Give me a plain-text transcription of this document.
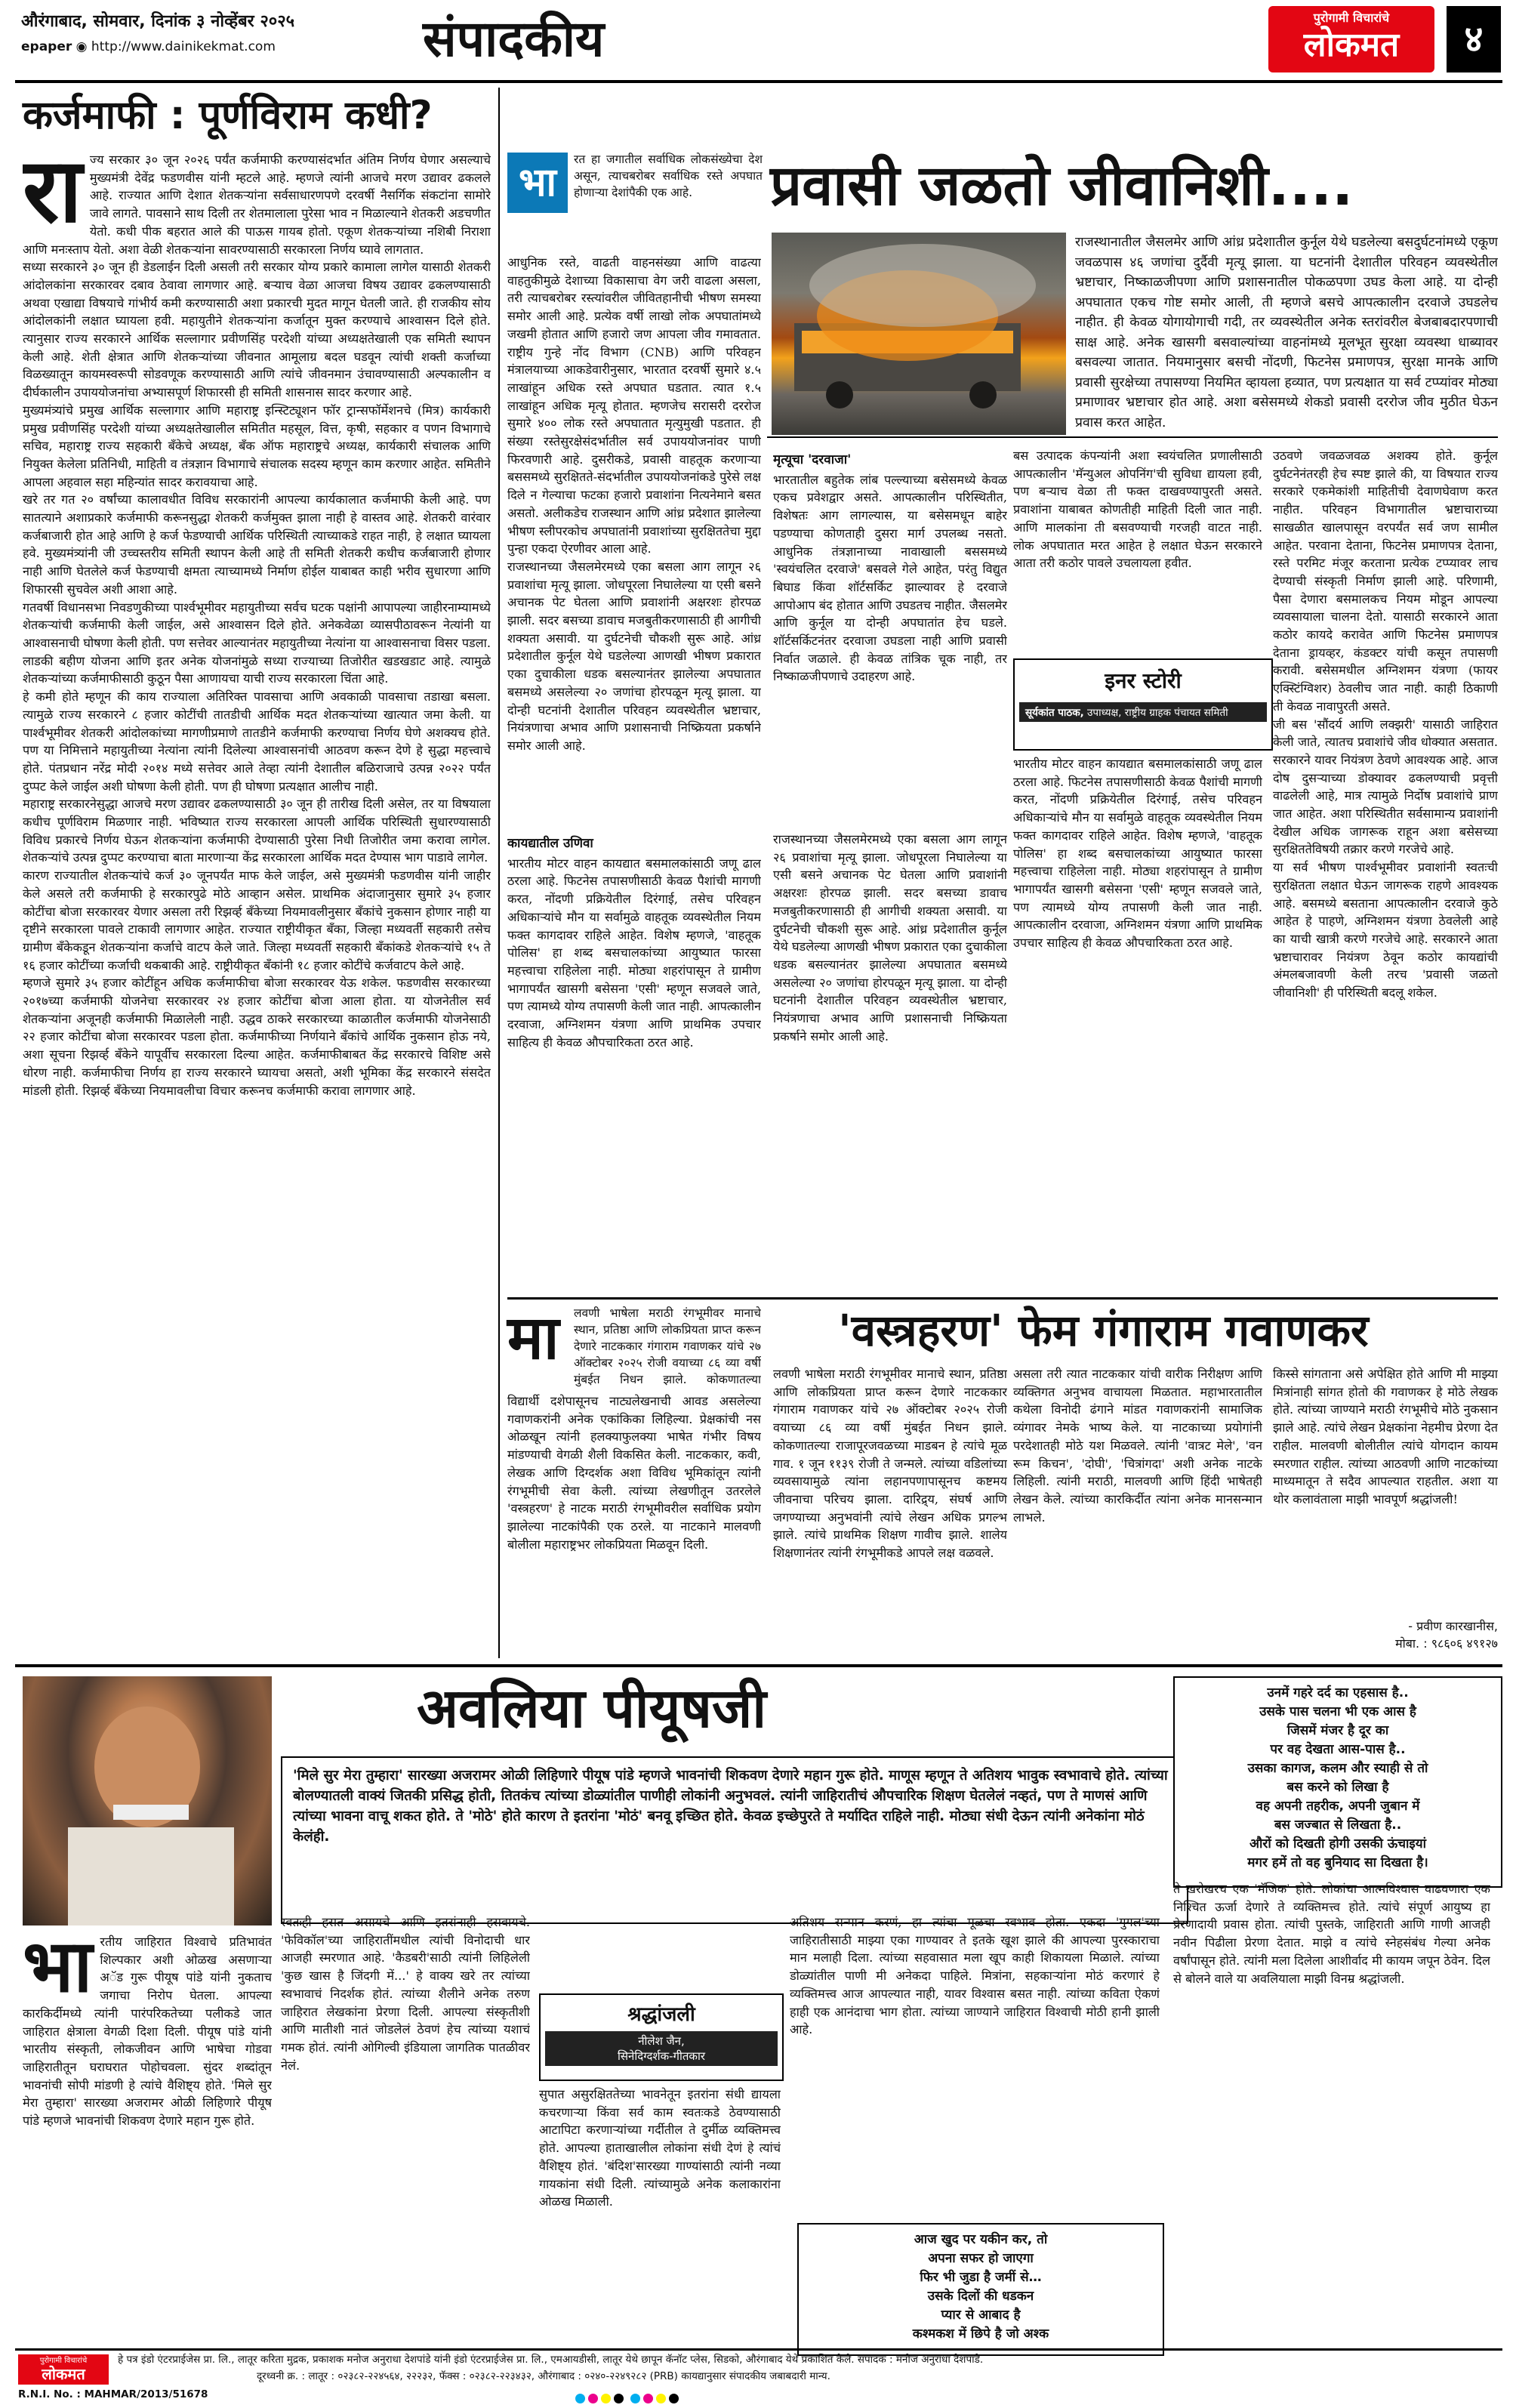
औरंगाबाद, सोमवार, दिनांक ३ नोव्हेंबर २०२५
epaper ◉ http://www.dainikekmat.com	संपादकीय	पुरोगामी विचारांचे
लोकमत	४
कर्जमाफी : पूर्णविराम कधी?
रा ज्य सरकार ३० जून २०२६ पर्यंत कर्जमाफी करण्यासंदर्भात अंतिम निर्णय घेणार असल्याचे मुख्यमंत्री देवेंद्र फडणवीस यांनी म्हटले आहे. म्हणजे त्यांनी आजचे मरण उद्यावर ढकलले आहे. राज्यात आणि देशात शेतकऱ्यांना सर्वसाधारणपणे दरवर्षी नैसर्गिक संकटांना सामोरे जावे लागते. पावसाने साथ दिली तर शेतमालाला पुरेसा भाव न मिळाल्याने शेतकरी अडचणीत येतो. कधी पीक बहरात आले की पाऊस गायब होतो. एकूण शेतकऱ्यांच्या नशिबी निराशा आणि मनःस्ताप येतो. अशा वेळी शेतकऱ्यांना सावरण्यासाठी सरकारला निर्णय घ्यावे लागतात.

सध्या सरकारने ३० जून ही डेडलाईन दिली असली तरी सरकार योग्य प्रकारे कामाला लागेल यासाठी शेतकरी आंदोलकांना सरकारवर दबाव ठेवावा लागणार आहे. बऱ्याच वेळा आजचा विषय उद्यावर ढकलण्यासाठी अथवा एखाद्या विषयाचे गांभीर्य कमी करण्यासाठी अशा प्रकारची मुदत मागून घेतली जाते. ही राजकीय सोय आंदोलकांनी लक्षात घ्यायला हवी. महायुतीने शेतकऱ्यांना कर्जातून मुक्त करण्याचे आश्वासन दिले होते. त्यानुसार राज्य सरकारने आर्थिक सल्लागार प्रवीणसिंह परदेशी यांच्या अध्यक्षतेखाली एक समिती स्थापन केली आहे. शेती क्षेत्रात आणि शेतकऱ्यांच्या जीवनात आमूलाग्र बदल घडवून त्यांची शक्ती कर्जाच्या विळख्यातून कायमस्वरूपी सोडवणूक करण्यासाठी आणि त्यांचे जीवनमान उंचावण्यासाठी अल्पकालीन व दीर्घकालीन उपाययोजनांचा अभ्यासपूर्ण शिफारसी ही समिती शासनास सादर करणार आहे.

मुख्यमंत्र्यांचे प्रमुख आर्थिक सल्लागार आणि महाराष्ट्र इन्स्टिट्यूशन फॉर ट्रान्सफॉर्मेशनचे (मित्र) कार्यकारी प्रमुख प्रवीणसिंह परदेशी यांच्या अध्यक्षतेखालील समितीत महसूल, वित्त, कृषी, सहकार व पणन विभागाचे सचिव, महाराष्ट्र राज्य सहकारी बँकेचे अध्यक्ष, बँक ऑफ महाराष्ट्रचे अध्यक्ष, कार्यकारी संचालक आणि नियुक्त केलेला प्रतिनिधी, माहिती व तंत्रज्ञान विभागाचे संचालक सदस्य म्हणून काम करणार आहेत. समितीने आपला अहवाल सहा महिन्यांत सादर करावयाचा आहे.

खरे तर गत २० वर्षांच्या कालावधीत विविध सरकारांनी आपल्या कार्यकालात कर्जमाफी केली आहे. पण सातत्याने अशाप्रकारे कर्जमाफी करूनसुद्धा शेतकरी कर्जमुक्त झाला नाही हे वास्तव आहे. शेतकरी वारंवार कर्जबाजारी होत आहे आणि हे कर्ज फेडण्याची आर्थिक परिस्थिती त्याच्याकडे राहत नाही, हे लक्षात घ्यायला हवे. मुख्यमंत्र्यांनी जी उच्चस्तरीय समिती स्थापन केली आहे ती समिती शेतकरी कधीच कर्जबाजारी होणार नाही आणि घेतलेले कर्ज फेडण्याची क्षमता त्याच्यामध्ये निर्माण होईल याबाबत काही भरीव सुधारणा आणि शिफारसी सुचवेल अशी आशा आहे.

गतवर्षी विधानसभा निवडणुकीच्या पार्श्वभूमीवर महायुतीच्या सर्वच घटक पक्षांनी आपापल्या जाहीरनाम्यामध्ये शेतकऱ्यांची कर्जमाफी केली जाईल, असे आश्वासन दिले होते. अनेकवेळा व्यासपीठावरून नेत्यांनी या आश्वासनाची घोषणा केली होती. पण सत्तेवर आल्यानंतर महायुतीच्या नेत्यांना या आश्वासनाचा विसर पडला. लाडकी बहीण योजना आणि इतर अनेक योजनांमुळे सध्या राज्याच्या तिजोरीत खडखडाट आहे. त्यामुळे शेतकऱ्यांच्या कर्जमाफीसाठी कुठून पैसा आणायचा याची राज्य सरकारला चिंता आहे.

हे कमी होते म्हणून की काय राज्याला अतिरिक्त पावसाचा आणि अवकाळी पावसाचा तडाखा बसला. त्यामुळे राज्य सरकारने ८ हजार कोटींची तातडीची आर्थिक मदत शेतकऱ्यांच्या खात्यात जमा केली. या पार्श्वभूमीवर शेतकरी आंदोलकांच्या मागणीप्रमाणे तातडीने कर्जमाफी करण्याचा निर्णय घेणे अशक्यच होते. पण या निमित्ताने महायुतीच्या नेत्यांना त्यांनी दिलेल्या आश्वासनांची आठवण करून देणे हे सुद्धा महत्त्वाचे होते. पंतप्रधान नरेंद्र मोदी २०१४ मध्ये सत्तेवर आले तेव्हा त्यांनी देशातील बळिराजाचे उत्पन्न २०२२ पर्यंत दुप्पट केले जाईल अशी घोषणा केली होती. पण ही घोषणा प्रत्यक्षात आलीच नाही.

महाराष्ट्र सरकारनेसुद्धा आजचे मरण उद्यावर ढकलण्यासाठी ३० जून ही तारीख दिली असेल, तर या विषयाला कधीच पूर्णविराम मिळणार नाही. भविष्यात राज्य सरकारला आपली आर्थिक परिस्थिती सुधारण्यासाठी विविध प्रकारचे निर्णय घेऊन शेतकऱ्यांना कर्जमाफी देण्यासाठी पुरेसा निधी तिजोरीत जमा करावा लागेल. शेतकऱ्यांचे उत्पन्न दुप्पट करण्याचा बाता मारणाऱ्या केंद्र सरकारला आर्थिक मदत देण्यास भाग पाडावे लागेल.

कारण राज्यातील शेतकऱ्यांचे कर्ज ३० जूनपर्यंत माफ केले जाईल, असे मुख्यमंत्री फडणवीस यांनी जाहीर केले असले तरी कर्जमाफी हे सरकारपुढे मोठे आव्हान असेल. प्राथमिक अंदाजानुसार सुमारे ३५ हजार कोटींचा बोजा सरकारवर येणार असला तरी रिझर्व्ह बँकेच्या नियमावलीनुसार बँकांचे नुकसान होणार नाही या दृष्टीने सरकारला पावले टाकावी लागणार आहेत. राज्यात राष्ट्रीयीकृत बँका, जिल्हा मध्यवर्ती सहकारी तसेच ग्रामीण बँकेकडून शेतकऱ्यांना कर्जाचे वाटप केले जाते. जिल्हा मध्यवर्ती सहकारी बँकांकडे शेतकऱ्यांचे १५ ते १६ हजार कोटींच्या कर्जाची थकबाकी आहे. राष्ट्रीयीकृत बँकांनी १८ हजार कोटींचे कर्जवाटप केले आहे.

म्हणजे सुमारे ३५ हजार कोटींहून अधिक कर्जमाफीचा बोजा सरकारवर येऊ शकेल. फडणवीस सरकारच्या २०१७च्या कर्जमाफी योजनेचा सरकारवर २४ हजार कोटींचा बोजा आला होता. या योजनेतील सर्व शेतकऱ्यांना अजूनही कर्जमाफी मिळालेली नाही. उद्धव ठाकरे सरकारच्या काळातील कर्जमाफी योजनेसाठी २२ हजार कोटींचा बोजा सरकारवर पडला होता. कर्जमाफीच्या निर्णयाने बँकांचे आर्थिक नुकसान होऊ नये, अशा सूचना रिझर्व्ह बँकेने यापूर्वीच सरकारला दिल्या आहेत. कर्जमाफीबाबत केंद्र सरकारचे विशिष्ट असे धोरण नाही. कर्जमाफीचा निर्णय हा राज्य सरकारने घ्यायचा असतो, अशी भूमिका केंद्र सरकारने संसदेत मांडली होती. रिझर्व्ह बँकेच्या नियमावलीचा विचार करूनच कर्जमाफी करावा लागणार आहे.

भा
रत हा जगातील सर्वाधिक लोकसंख्येचा देश असून, त्याचबरोबर सर्वाधिक रस्ते अपघात होणाऱ्या देशांपैकी एक आहे.	प्रवासी जळतो जीवानिशी....

आधुनिक रस्ते, वाढती वाहनसंख्या आणि वाढत्या वाहतुकीमुळे देशाच्या विकासाचा वेग जरी वाढला असला, तरी त्याचबरोबर रस्त्यांवरील जीवितहानीची भीषण समस्या समोर आली आहे. प्रत्येक वर्षी लाखो लोक अपघातांमध्ये जखमी होतात आणि हजारो जण आपला जीव गमावतात. राष्ट्रीय गुन्हे नोंद विभाग (CNB) आणि परिवहन मंत्रालयाच्या आकडेवारीनुसार, भारतात दरवर्षी सुमारे ४.५ लाखांहून अधिक रस्ते अपघात घडतात. त्यात १.५ लाखांहून अधिक मृत्यू होतात. म्हणजेच सरासरी दररोज सुमारे ४०० लोक रस्ते अपघातात मृत्युमुखी पडतात. ही संख्या रस्तेसुरक्षेसंदर्भातील सर्व उपाययोजनांवर पाणी फिरवणारी आहे. दुसरीकडे, प्रवासी वाहतूक करणाऱ्या बससमध्ये सुरक्षितते-संदर्भातील उपाययोजनांकडे पुरेसे लक्ष दिले न गेल्याचा फटका हजारो प्रवाशांना नित्यनेमाने बसत असतो. अलीकडेच राजस्थान आणि आंध्र प्रदेशात झालेल्या भीषण स्लीपरकोच अपघातांनी प्रवाशांच्या सुरक्षिततेचा मुद्दा पुन्हा एकदा ऐरणीवर आला आहे.

राजस्थानच्या जैसलमेरमध्ये एका बसला आग लागून २६ प्रवाशांचा मृत्यू झाला. जोधपूरला निघालेल्या या एसी बसने अचानक पेट घेतला आणि प्रवाशांनी अक्षरशः होरपळ झाली. सदर बसच्या डावाच मजबुतीकरणासाठी ही आगीची शक्यता असावी. या दुर्घटनेची चौकशी सुरू आहे. आंध्र प्रदेशातील कुर्नूल येथे घडलेल्या आणखी भीषण प्रकारात एका दुचाकीला धडक बसल्यानंतर झालेल्या अपघातात बसमध्ये असलेल्या २० जणांचा होरपळून मृत्यू झाला. या दोन्ही घटनांनी देशातील परिवहन व्यवस्थेतील भ्रष्टाचार, नियंत्रणाचा अभाव आणि प्रशासनाची निष्क्रियता प्रकर्षाने समोर आली आहे.

राजस्थानातील जैसलमेर आणि आंध्र प्रदेशातील कुर्नूल येथे घडलेल्या बसदुर्घटनांमध्ये एकूण जवळपास ४६ जणांचा दुर्दैवी मृत्यू झाला. या घटनांनी देशातील परिवहन व्यवस्थेतील भ्रष्टाचार, निष्काळजीपणा आणि प्रशासनातील पोकळपणा उघड केला आहे. या दोन्ही अपघातात एकच गोष्ट समोर आली, ती म्हणजे बसचे आपत्कालीन दरवाजे उघडलेच नाहीत. ही केवळ योगायोगाची गदी, तर व्यवस्थेतील अनेक स्तरांवरील बेजबाबदारपणाची साक्ष आहे. अनेक खासगी बसवाल्यांच्या वाहनांमध्ये मूलभूत सुरक्षा व्यवस्था धाब्यावर बसवल्या जातात. नियमानुसार बसची नोंदणी, फिटनेस प्रमाणपत्र, सुरक्षा मानके आणि प्रवासी सुरक्षेच्या तपासण्या नियमित व्हायला हव्यात, पण प्रत्यक्षात या सर्व टप्प्यांवर मोठ्या प्रमाणावर भ्रष्टाचार होत आहे. अशा बसेसमध्ये शेकडो प्रवासी दररोज जीव मुठीत घेऊन प्रवास करत आहेत.

मृत्यूचा 'दरवाजा'

भारतातील बहुतेक लांब पल्ल्याच्या बसेसमध्ये केवळ एकच प्रवेशद्वार असते. आपत्कालीन परिस्थितीत, विशेषतः आग लागल्यास, या बसेसमधून बाहेर पडण्याचा कोणताही दुसरा मार्ग उपलब्ध नसतो. आधुनिक तंत्रज्ञानाच्या नावाखाली बससमध्ये 'स्वयंचलित दरवाजे' बसवले गेले आहेत, परंतु विद्युत बिघाड किंवा शॉर्टसर्किट झाल्यावर हे दरवाजे आपोआप बंद होतात आणि उघडतच नाहीत. जैसलमेर आणि कुर्नूल या दोन्ही अपघातांत हेच घडले. शॉर्टसर्किटनंतर दरवाजा उघडला नाही आणि प्रवासी निर्वात जळाले. ही केवळ तांत्रिक चूक नाही, तर निष्काळजीपणाचे उदाहरण आहे.	इनर स्टोरी
सूर्यकांत पाठक, उपाध्यक्ष, राष्ट्रीय ग्राहक पंचायत समिती

बस उत्पादक कंपन्यांनी अशा स्वयंचलित प्रणालीसाठी आपत्कालीन 'मॅन्युअल ओपनिंग'ची सुविधा द्यायला हवी, पण बऱ्याच वेळा ती फक्त दाखवण्यापुरती असते. प्रवाशांना याबाबत कोणतीही माहिती दिली जात नाही. आणि मालकांना ती बसवण्याची गरजही वाटत नाही. लोक अपघातात मरत आहेत हे लक्षात घेऊन सरकारने आता तरी कठोर पावले उचलायला हवीत.

भारतीय मोटर वाहन कायद्यात बसमालकांसाठी जणू ढाल ठरला आहे. फिटनेस तपासणीसाठी केवळ पैशांची मागणी करत, नोंदणी प्रक्रियेतील दिरंगाई, तसेच परिवहन अधिकाऱ्यांचे मौन या सर्वामुळे वाहतूक व्यवस्थेतील नियम फक्त कागदावर राहिले आहेत. विशेष म्हणजे, 'वाहतूक पोलिस' हा शब्द बसचालकांच्या आयुष्यात फारसा महत्त्वाचा राहिलेला नाही. मोठ्या शहरांपासून ते ग्रामीण भागापर्यंत खासगी बसेसना 'एसी' म्हणून सजवले जाते, पण त्यामध्ये योग्य तपासणी केली जात नाही. आपत्कालीन दरवाजा, अग्निशमन यंत्रणा आणि प्राथमिक उपचार साहित्य ही केवळ औपचारिकता ठरत आहे.

उठवणे जवळजवळ अशक्य होते. कुर्नूल दुर्घटनेनंतरही हेच स्पष्ट झाले की, या विषयात राज्य सरकारे एकमेकांशी माहितीची देवाणघेवाण करत नाहीत. परिवहन विभागातील भ्रष्टाचाराच्या साखळीत खालपासून वरपर्यंत सर्व जण सामील आहेत. परवाना देताना, फिटनेस प्रमाणपत्र देताना, रस्ते परमिट मंजूर करताना प्रत्येक टप्प्यावर लाच देण्याची संस्कृती निर्माण झाली आहे. परिणामी, पैसा देणारा बसमालकच नियम मोडून आपल्या व्यवसायाला चालना देतो. यासाठी सरकारने आता कठोर कायदे करावेत आणि फिटनेस प्रमाणपत्र देताना ड्रायव्हर, कंडक्टर यांची कसून तपासणी करावी. बसेसमधील अग्निशमन यंत्रणा (फायर एक्स्टिंग्विशर) ठेवलीच जात नाही. काही ठिकाणी ती केवळ नावापुरती असते.

जी बस 'सौंदर्य आणि लक्झरी' यासाठी जाहिरात केली जाते, त्यातच प्रवाशांचे जीव धोक्यात असतात. सरकारने यावर नियंत्रण ठेवणे आवश्यक आहे. आज दोष दुसऱ्याच्या डोक्यावर ढकलण्याची प्रवृत्ती वाढलेली आहे, मात्र त्यामुळे निर्दोष प्रवाशांचे प्राण जात आहेत. अशा परिस्थितीत सर्वसामान्य प्रवाशांनी देखील अधिक जागरूक राहून अशा बसेसच्या सुरक्षिततेविषयी तक्रार करणे गरजेचे आहे.

या सर्व भीषण पार्श्वभूमीवर प्रवाशांनी स्वतःची सुरक्षितता लक्षात घेऊन जागरूक राहणे आवश्यक आहे. बसमध्ये बसताना आपत्कालीन दरवाजे कुठे आहेत हे पाहणे, अग्निशमन यंत्रणा ठेवलेली आहे का याची खात्री करणे गरजेचे आहे. सरकारने आता भ्रष्टाचारावर नियंत्रण ठेवून कठोर कायद्यांची अंमलबजावणी केली तरच 'प्रवासी जळतो जीवानिशी' ही परिस्थिती बदलू शकेल.

कायद्यातील उणिवा

भारतीय मोटर वाहन कायद्यात बसमालकांसाठी जणू ढाल ठरला आहे. फिटनेस तपासणीसाठी केवळ पैशांची मागणी करत, नोंदणी प्रक्रियेतील दिरंगाई, तसेच परिवहन अधिकाऱ्यांचे मौन या सर्वामुळे वाहतूक व्यवस्थेतील नियम फक्त कागदावर राहिले आहेत. विशेष म्हणजे, 'वाहतूक पोलिस' हा शब्द बसचालकांच्या आयुष्यात फारसा महत्त्वाचा राहिलेला नाही. मोठ्या शहरांपासून ते ग्रामीण भागापर्यंत खासगी बसेसना 'एसी' म्हणून सजवले जाते, पण त्यामध्ये योग्य तपासणी केली जात नाही. आपत्कालीन दरवाजा, अग्निशमन यंत्रणा आणि प्राथमिक उपचार साहित्य ही केवळ औपचारिकता ठरत आहे.

राजस्थानच्या जैसलमेरमध्ये एका बसला आग लागून २६ प्रवाशांचा मृत्यू झाला. जोधपूरला निघालेल्या या एसी बसने अचानक पेट घेतला आणि प्रवाशांनी अक्षरशः होरपळ झाली. सदर बसच्या डावाच मजबुतीकरणासाठी ही आगीची शक्यता असावी. या दुर्घटनेची चौकशी सुरू आहे. आंध्र प्रदेशातील कुर्नूल येथे घडलेल्या आणखी भीषण प्रकारात एका दुचाकीला धडक बसल्यानंतर झालेल्या अपघातात बसमध्ये असलेल्या २० जणांचा होरपळून मृत्यू झाला. या दोन्ही घटनांनी देशातील परिवहन व्यवस्थेतील भ्रष्टाचार, नियंत्रणाचा अभाव आणि प्रशासनाची निष्क्रियता प्रकर्षाने समोर आली आहे.

मा	लवणी भाषेला मराठी रंगभूमीवर मानाचे स्थान, प्रतिष्ठा आणि लोकप्रियता प्राप्त करून देणारे नाटककार गंगाराम गवाणकर यांचे २७ ऑक्टोबर २०२५ रोजी वयाच्या ८६ व्या वर्षी मुंबईत निधन झाले. कोकणातल्या

'वस्त्रहरण' फेम गंगाराम गवाणकर

विद्यार्थी दशेपासूनच नाट्यलेखनाची आवड असलेल्या गवाणकरांनी अनेक एकांकिका लिहिल्या. प्रेक्षकांची नस ओळखून त्यांनी हलक्याफुलक्या भाषेत गंभीर विषय मांडण्याची वेगळी शैली विकसित केली. नाटककार, कवी, लेखक आणि दिग्दर्शक अशा विविध भूमिकांतून त्यांनी रंगभूमीची सेवा केली. त्यांच्या लेखणीतून उतरलेले 'वस्त्रहरण' हे नाटक मराठी रंगभूमीवरील सर्वाधिक प्रयोग झालेल्या नाटकांपैकी एक ठरले. या नाटकाने मालवणी बोलीला महाराष्ट्रभर लोकप्रियता मिळवून दिली.

लवणी भाषेला मराठी रंगभूमीवर मानाचे स्थान, प्रतिष्ठा आणि लोकप्रियता प्राप्त करून देणारे नाटककार गंगाराम गवाणकर यांचे २७ ऑक्टोबर २०२५ रोजी वयाच्या ८६ व्या वर्षी मुंबईत निधन झाले. कोकणातल्या राजापूरजवळच्या माडबन हे त्यांचे मूळ गाव. १ जून ११३९ रोजी ते जन्मले. त्यांच्या वडिलांच्या व्यवसायामुळे त्यांना लहानपणापासूनच कष्टमय जीवनाचा परिचय झाला. दारिद्र्य, संघर्ष आणि जगण्याच्या अनुभवांनी त्यांचे लेखन अधिक प्रगल्भ झाले. त्यांचे प्राथमिक शिक्षण गावीच झाले. शालेय शिक्षणानंतर त्यांनी रंगभूमीकडे आपले लक्ष वळवले.

असला तरी त्यात नाटककार यांची वारीक निरीक्षण आणि व्यक्तिगत अनुभव वाचायला मिळतात. महाभारतातील कथेला विनोदी ढंगाने मांडत गवाणकरांनी सामाजिक व्यंगावर नेमके भाष्य केले. या नाटकाच्या प्रयोगांनी परदेशातही मोठे यश मिळवले. त्यांनी 'वात्रट मेले', 'वन रूम किचन', 'दोघी', 'चित्रांगदा' अशी अनेक नाटके लिहिली. त्यांनी मराठी, मालवणी आणि हिंदी भाषेतही लेखन केले. त्यांच्या कारकिर्दीत त्यांना अनेक मानसन्मान लाभले.

किस्से सांगताना असे अपेक्षित होते आणि मी माझ्या मित्रांनाही सांगत होतो की गवाणकर हे मोठे लेखक होते. त्यांच्या जाण्याने मराठी रंगभूमीचे मोठे नुकसान झाले आहे. त्यांचे लेखन प्रेक्षकांना नेहमीच प्रेरणा देत राहील. मालवणी बोलीतील त्यांचे योगदान कायम स्मरणात राहील. त्यांच्या आठवणी आणि नाटकांच्या माध्यमातून ते सदैव आपल्यात राहतील. अशा या थोर कलावंताला माझी भावपूर्ण श्रद्धांजली!

- प्रवीण कारखानीस,
मोबा. : ९८६०६ ४९१२७
अवलिया पीयूषजी
'मिले सुर मेरा तुम्हारा' सारख्या अजरामर ओळी लिहिणारे पीयूष पांडे म्हणजे भावनांची शिकवण देणारे महान गुरू होते. माणूस म्हणून ते अतिशय भावुक स्वभावाचे होते. त्यांच्या बोलण्यातली वाक्यं जितकी प्रसिद्ध होती, तितकंच त्यांच्या डोळ्यांतील पाणीही लोकांनी अनुभवलं. त्यांनी जाहिरातीचं औपचारिक शिक्षण घेतलेलं नव्हतं, पण ते माणसं आणि त्यांच्या भावना वाचू शकत होते. ते 'मोठे' होते कारण ते इतरांना 'मोठं' बनवू इच्छित होते. केवळ इच्छेपुरते ते मर्यादित राहिले नाही. मोठ्या संधी देऊन त्यांनी अनेकांना मोठं केलंही.
उनमें गहरे दर्द का एहसास है..
उसके पास चलना भी एक आस है
जिसमें मंजर है दूर का
पर वह देखता आस-पास है..
उसका कागज, कलम और स्याही से तो
बस करने को लिखा है
वह अपनी तहरीक, अपनी जुबान में
बस जज्बात से लिखता है..
औरों को दिखती होगी उसकी ऊंचाइयां
मगर हमें तो वह बुनियाद सा दिखता है।
भा रतीय जाहिरात विश्वाचे प्रतिभावंत शिल्पकार अशी ओळख असणाऱ्या अॅड गुरू पीयूष पांडे यांनी नुकताच जगाचा निरोप घेतला. आपल्या कारकिर्दीमध्ये त्यांनी पारंपरिकतेच्या पलीकडे जात जाहिरात क्षेत्राला वेगळी दिशा दिली. पीयूष पांडे यांनी भारतीय संस्कृती, लोकजीवन आणि भाषेचा गोडवा जाहिरातीतून घराघरात पोहोचवला. सुंदर शब्दांतून भावनांची सोपी मांडणी हे त्यांचे वैशिष्ट्य होते. 'मिले सुर मेरा तुम्हारा' सारख्या अजरामर ओळी लिहिणारे पीयूष पांडे म्हणजे भावनांची शिकवण देणारे महान गुरू होते.

स्वतःही हसत असायचे आणि इतरांनाही हसवायचे. 'फेविकॉल'च्या जाहिरातींमधील त्यांची विनोदाची धार आजही स्मरणात आहे. 'कैडबरी'साठी त्यांनी लिहिलेली 'कुछ खास है जिंदगी में...' हे वाक्य खरे तर त्यांच्या स्वभावाचं निदर्शक होतं. त्यांच्या शैलीने अनेक तरुण जाहिरात लेखकांना प्रेरणा दिली. आपल्या संस्कृतीशी आणि मातीशी नातं जोडलेलं ठेवणं हेच त्यांच्या यशाचं गमक होतं. त्यांनी ओगिल्वी इंडियाला जागतिक पातळीवर नेलं.

श्रद्धांजली
नीलेश जैन,
सिनेदिग्दर्शक-गीतकार

सुपात असुरक्षिततेच्या भावनेतून इतरांना संधी द्यायला कचरणाऱ्या किंवा सर्व काम स्वतःकडे ठेवण्यासाठी आटापिटा करणाऱ्यांच्या गर्दीतील ते दुर्मीळ व्यक्तिमत्त्व होते. आपल्या हाताखालील लोकांना संधी देणं हे त्यांचं वैशिष्ट्य होतं. 'बंदिश'सारख्या गाण्यांसाठी त्यांनी नव्या गायकांना संधी दिली. त्यांच्यामुळे अनेक कलाकारांना ओळख मिळाली.

अतिशय सन्मान करणं, हा त्यांचा मूळचा स्वभाव होता. एकदा 'गुगल'च्या जाहिरातीसाठी माझ्या एका गाण्यावर ते इतके खूश झाले की आपल्या पुरस्काराचा मान मलाही दिला. त्यांच्या सहवासात मला खूप काही शिकायला मिळाले. त्यांच्या डोळ्यांतील पाणी मी अनेकदा पाहिले. मित्रांना, सहकाऱ्यांना मोठं करणारं हे व्यक्तिमत्त्व आज आपल्यात नाही, यावर विश्वास बसत नाही. त्यांच्या कविता ऐकणं हाही एक आनंदाचा भाग होता. त्यांच्या जाण्याने जाहिरात विश्वाची मोठी हानी झाली आहे.

आज खुद पर यकीन कर, तो
अपना सफर हो जाएगा
फिर भी जुडा है जमीं से…
उसके दिलों की धडकन
प्यार से आबाद है
कश्मकश में छिपे है जो अश्क

ते खरोखरच एक 'मॅजिक' होते. लोकांचा आत्मविश्वास वाढवणारा एक निश्चित ऊर्जा देणारे ते व्यक्तिमत्त्व होते. त्यांचे संपूर्ण आयुष्य हा प्रेरणादायी प्रवास होता. त्यांची पुस्तके, जाहिराती आणि गाणी आजही नवीन पिढीला प्रेरणा देतात. माझे व त्यांचे स्नेहसंबंध गेल्या अनेक वर्षांपासून होते. त्यांनी मला दिलेला आशीर्वाद मी कायम जपून ठेवेन. दिल से बोलने वाले या अवलियाला माझी विनम्र श्रद्धांजली.

पुरोगामी विचारांचे
लोकमत
हे पत्र इंडो एंटरप्राईजेस प्रा. लि., लातूर करिता मुद्रक, प्रकाशक मनोज अनुराधा देशपांडे यांनी इंडो एंटरप्राईजेस प्रा. लि., एमआयडीसी, लातूर येथे छापून कॅनॉट प्लेस, सिडको, औरंगाबाद येथे प्रकाशित केले. संपादक : मनोज अनुराधा देशपांडे.
R.N.I. No. : MAHMAR/2013/51678
दूरध्वनी क्र. : लातूर : ०२३८२-२२४५६४, २२२३२, फॅक्स : ०२३८२-२२३४३२, औरंगाबाद : ०२४०-२२४९२८२ (PRB) कायद्यानुसार संपादकीय जबाबदारी मान्य.
